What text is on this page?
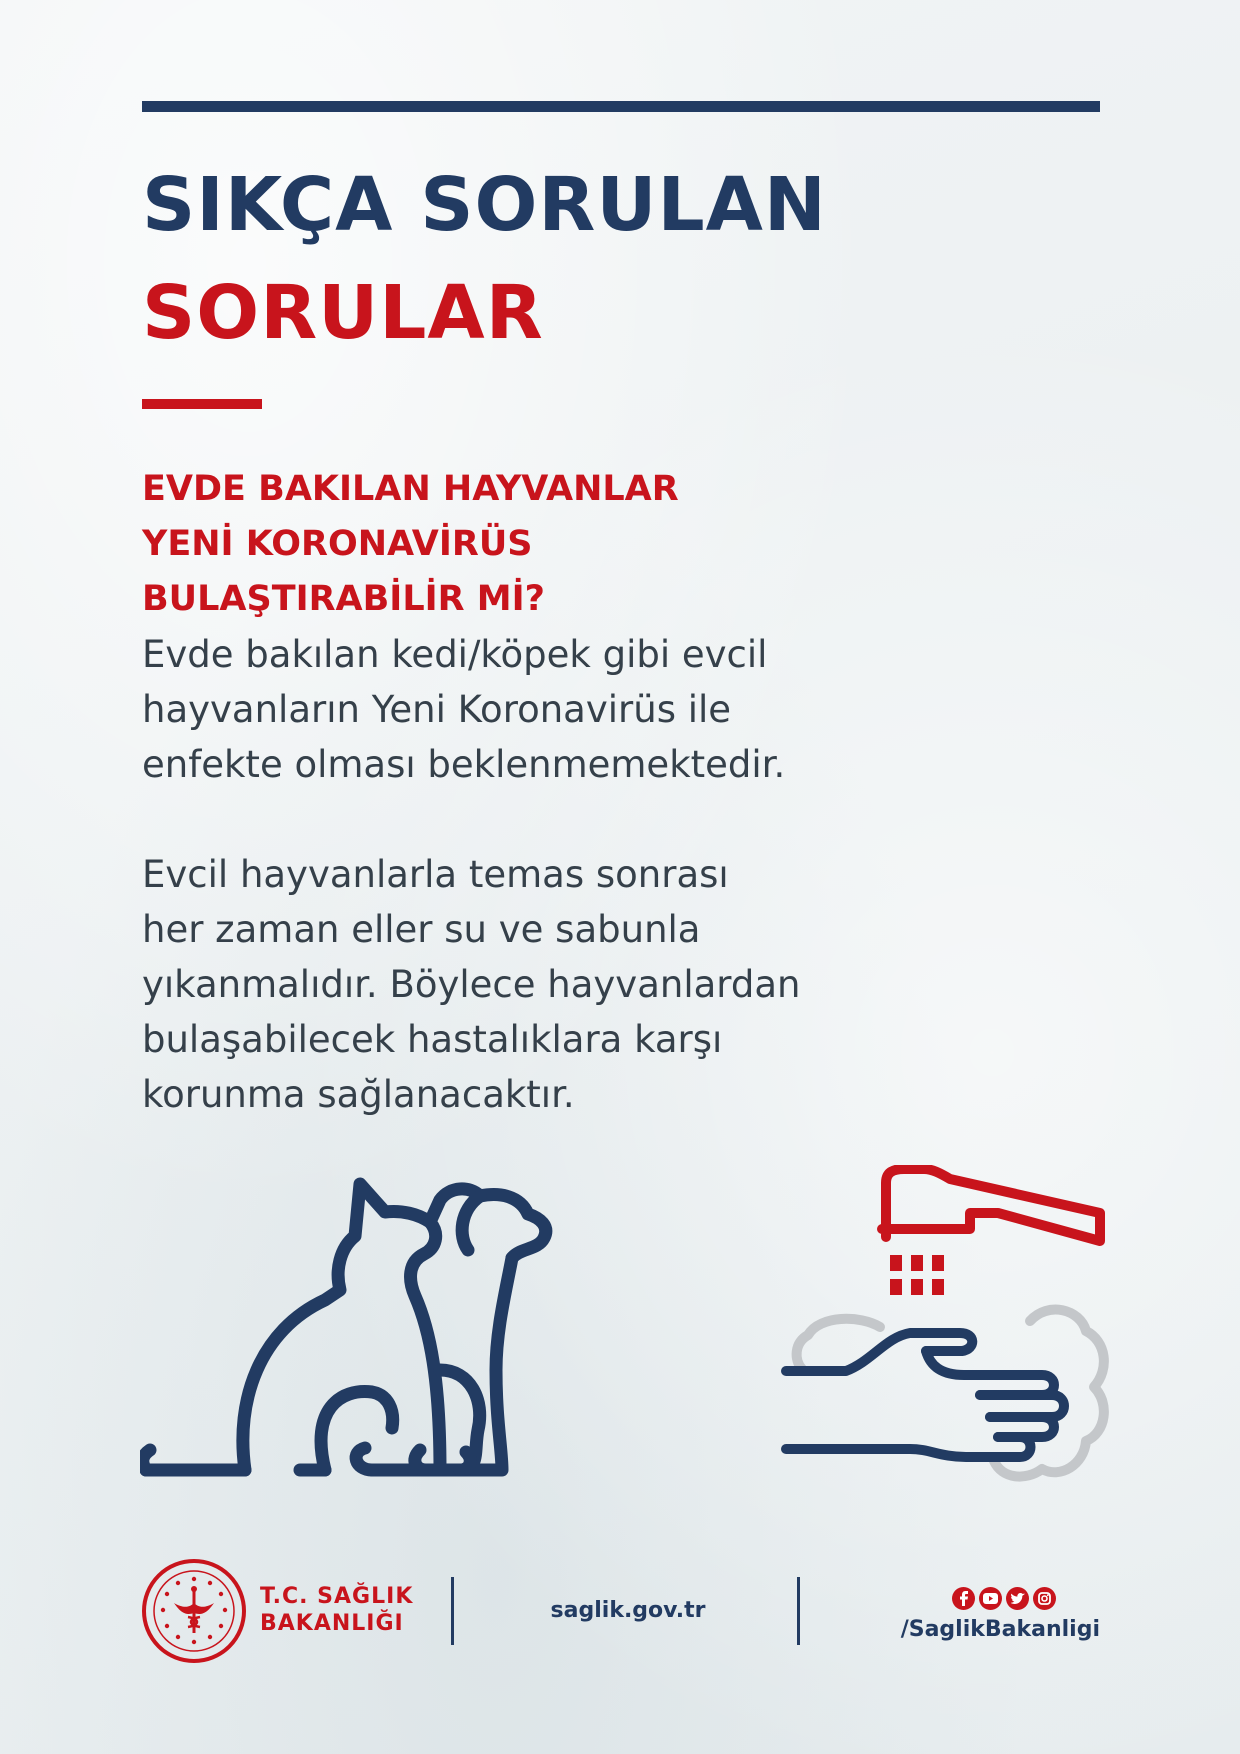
SIKÇA SORULAN
SORULAR
EVDE BAKILAN HAYVANLAR
YENİ KORONAVİRÜS
BULAŞTIRABİLİR Mİ?

Evde bakılan kedi/köpek gibi evcil
hayvanların Yeni Koronavirüs ile
enfekte olması beklenmemektedir.

Evcil hayvanlarla temas sonrası
her zaman eller su ve sabunla
yıkanmalıdır. Böylece hayvanlardan
bulaşabilecek hastalıklara karşı
korunma sağlanacaktır.

T.C. SAĞLIK
BAKANLIĞI
saglik.gov.tr
/SaglikBakanligi
